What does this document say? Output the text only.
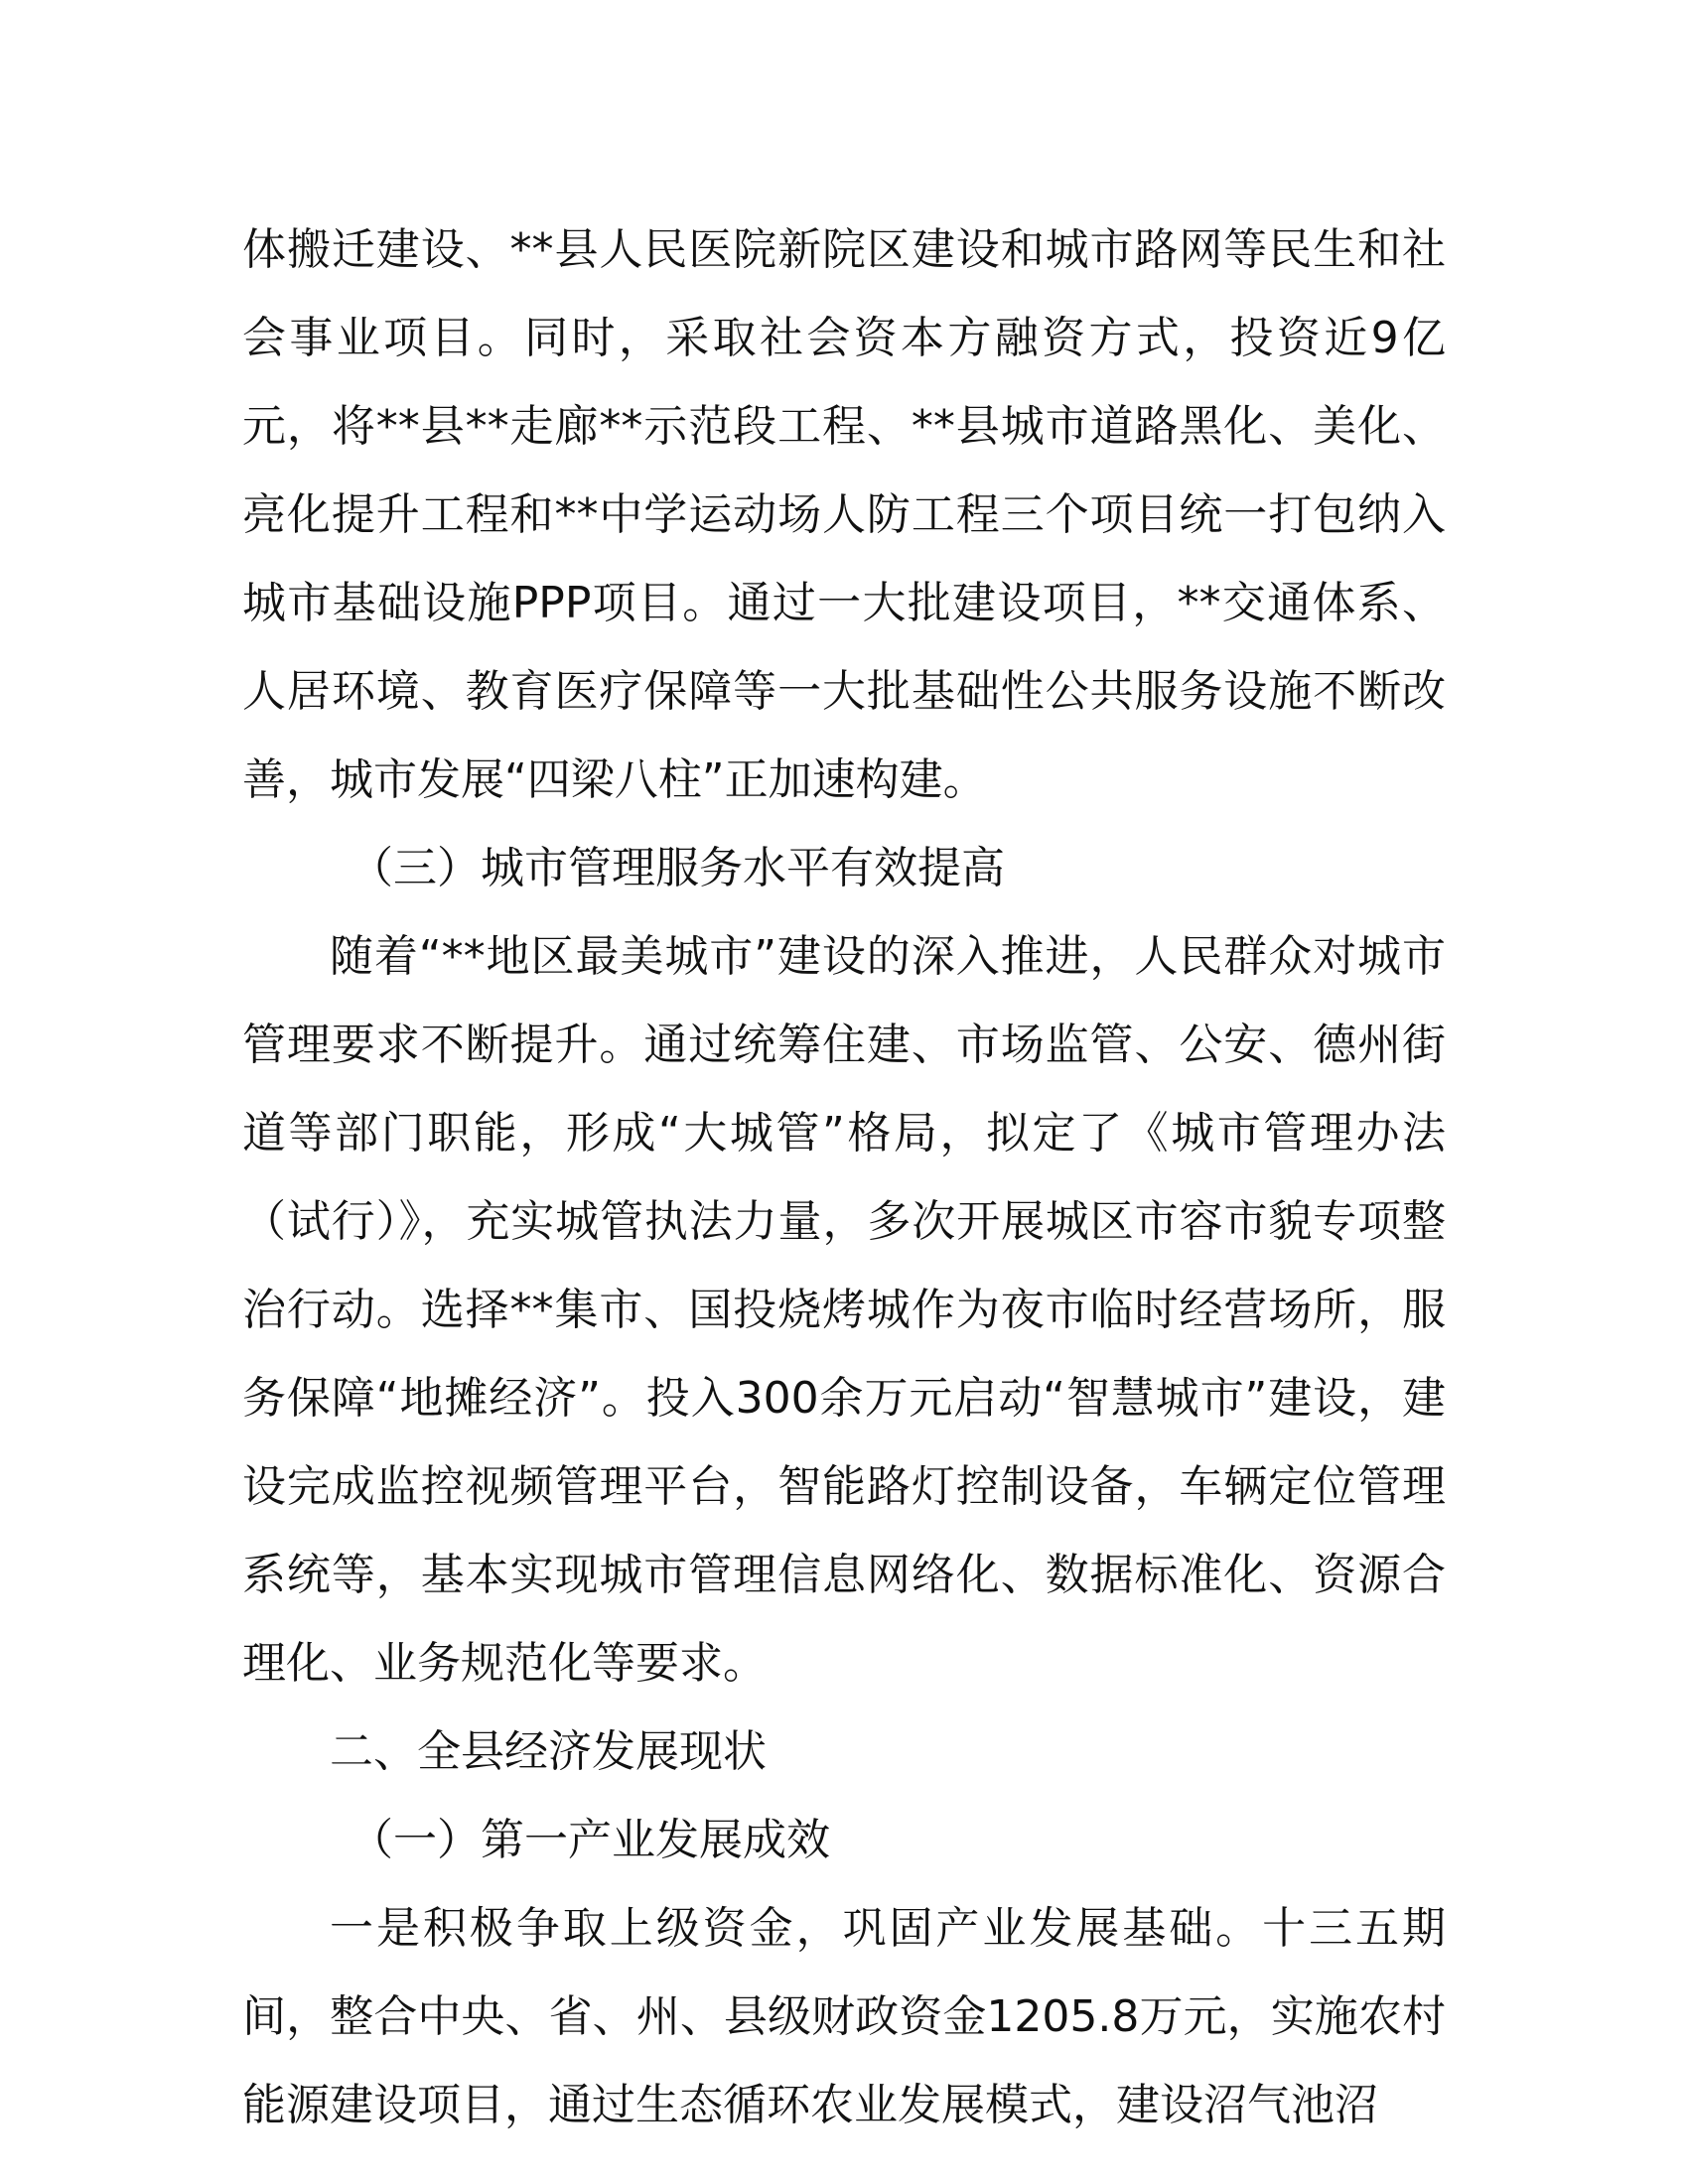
体搬迁建设、**县人民医院新院区建设和城市路网等民生和社会事业项目。同时，采取社会资本方融资方式，投资近9亿元，将**县**走廊**示范段工程、**县城市道路黑化、美化、亮化提升工程和**中学运动场人防工程三个项目统一打包纳入城市基础设施PPP项目。通过一大批建设项目，**交通体系、人居环境、教育医疗保障等一大批基础性公共服务设施不断改善，城市发展“四梁八柱”正加速构建。

（三）城市管理服务水平有效提高

随着“**地区最美城市”建设的深入推进，人民群众对城市管理要求不断提升。通过统筹住建、市场监管、公安、德州街道等部门职能，形成“大城管”格局，拟定了《城市管理办法（试行）》，充实城管执法力量，多次开展城区市容市貌专项整治行动。选择**集市、国投烧烤城作为夜市临时经营场所，服务保障“地摊经济”。投入300余万元启动“智慧城市”建设，建设完成监控视频管理平台，智能路灯控制设备，车辆定位管理系统等，基本实现城市管理信息网络化、数据标准化、资源合理化、业务规范化等要求。

二、全县经济发展现状

（一）第一产业发展成效

一是积极争取上级资金，巩固产业发展基础。十三五期间，整合中央、省、州、县级财政资金1205.8万元，实施农村能源建设项目，通过生态循环农业发展模式，建设沼气池沼
